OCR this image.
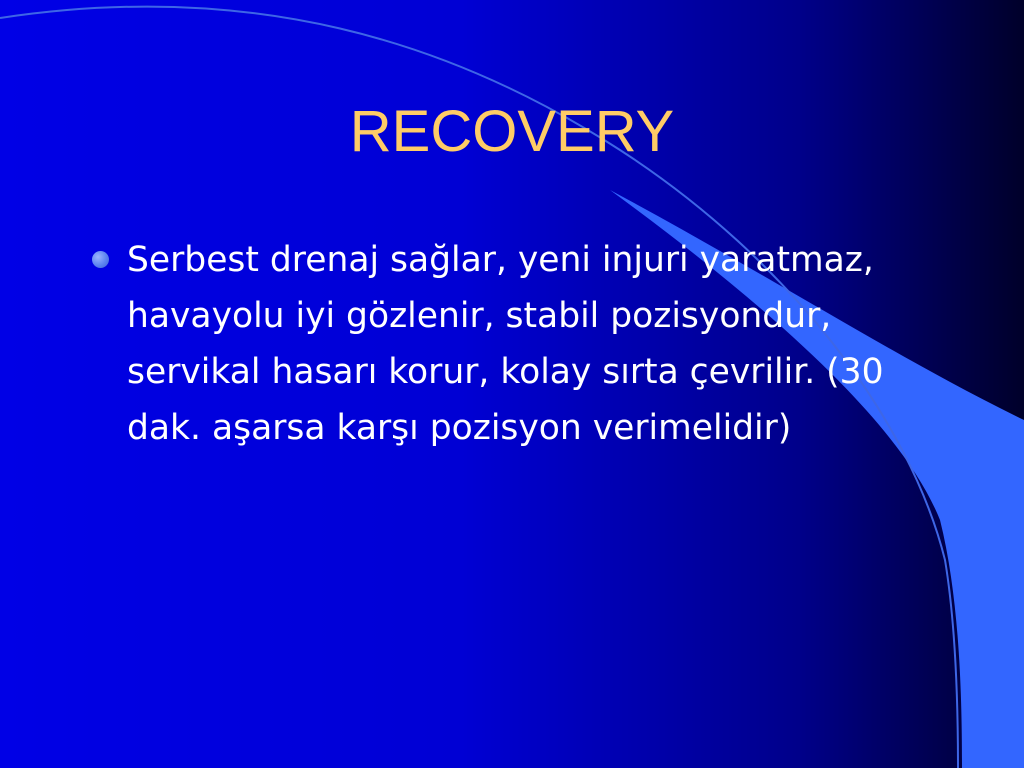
RECOVERY

Serbest drenaj sağlar, yeni injuri yaratmaz, havayolu iyi gözlenir, stabil pozisyondur, servikal hasarı korur, kolay sırta çevrilir. (30 dak. aşarsa karşı pozisyon verimelidir)
